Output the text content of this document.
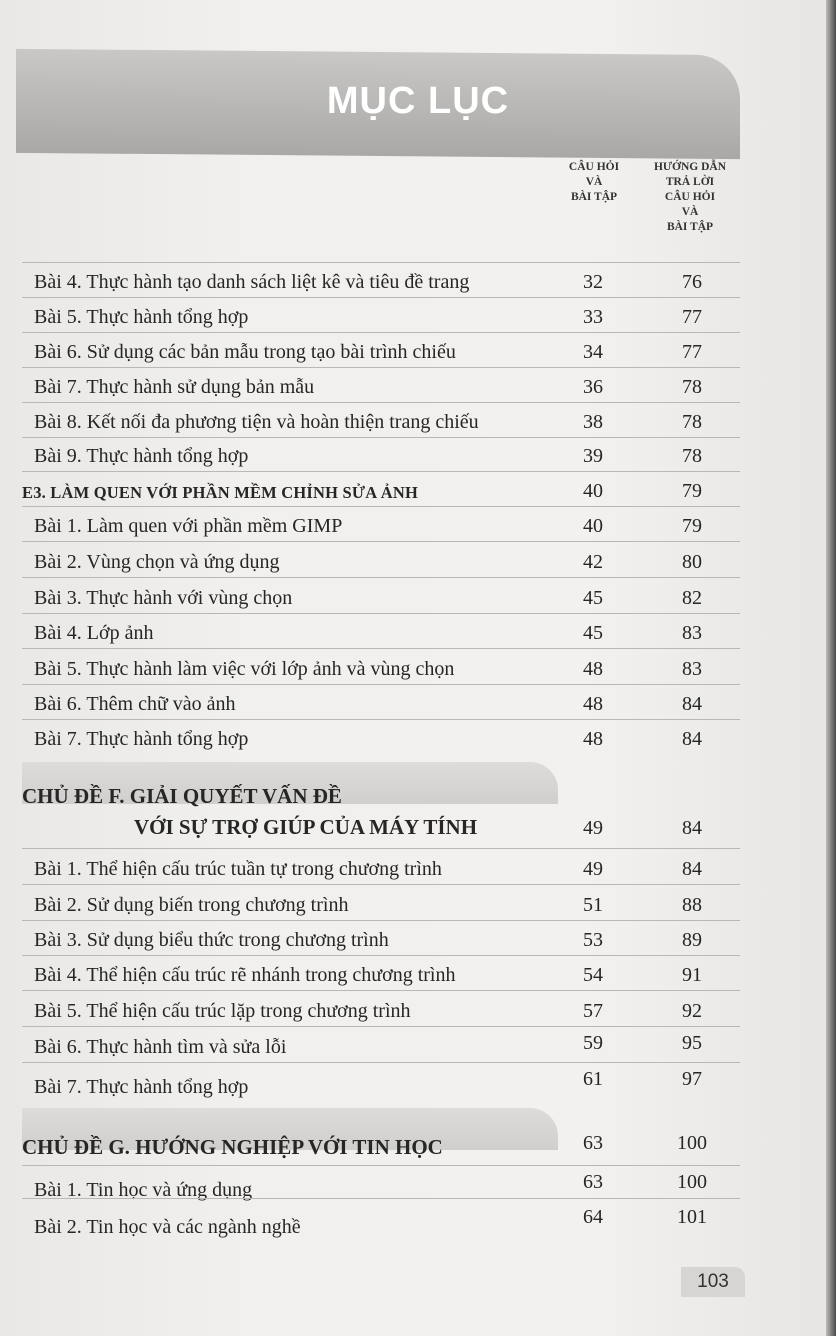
MỤC LỤC
CÂU HỎI
VÀ
BÀI TẬP
HƯỚNG DẪN
TRẢ LỜI
CÂU HỎI
VÀ
BÀI TẬP
Bài 4. Thực hành tạo danh sách liệt kê và tiêu đề trang	32	76
Bài 5. Thực hành tổng hợp	33	77
Bài 6. Sử dụng các bản mẫu trong tạo bài trình chiếu	34	77
Bài 7. Thực hành sử dụng bản mẫu	36	78
Bài 8. Kết nối đa phương tiện và hoàn thiện trang chiếu	38	78
Bài 9. Thực hành tổng hợp	39	78
E3. LÀM QUEN VỚI PHẦN MỀM CHỈNH SỬA ẢNH	40	79
Bài 1. Làm quen với phần mềm GIMP	40	79
Bài 2. Vùng chọn và ứng dụng	42	80
Bài 3. Thực hành với vùng chọn	45	82
Bài 4. Lớp ảnh	45	83
Bài 5. Thực hành làm việc với lớp ảnh và vùng chọn	48	83
Bài 6. Thêm chữ vào ảnh	48	84
Bài 7. Thực hành tổng hợp	48	84
CHỦ ĐỀ F. GIẢI QUYẾT VẤN ĐỀ
VỚI SỰ TRỢ GIÚP CỦA MÁY TÍNH	49	84
Bài 1. Thể hiện cấu trúc tuần tự trong chương trình	49	84
Bài 2. Sử dụng biến trong chương trình	51	88
Bài 3. Sử dụng biểu thức trong chương trình	53	89
Bài 4. Thể hiện cấu trúc rẽ nhánh trong chương trình	54	91
Bài 5. Thể hiện cấu trúc lặp trong chương trình	57	92
Bài 6. Thực hành tìm và sửa lỗi	59	95
Bài 7. Thực hành tổng hợp	61	97
CHỦ ĐỀ G. HƯỚNG NGHIỆP VỚI TIN HỌC	63	100
Bài 1. Tin học và ứng dụng	63	100
Bài 2. Tin học và các ngành nghề	64	101
103
